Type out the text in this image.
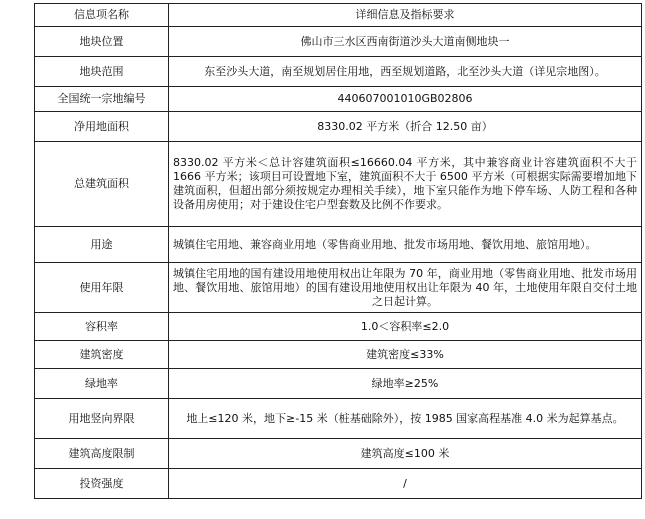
信息项名称	详细信息及指标要求
地块位置	佛山市三水区西南街道沙头大道南侧地块一
地块范围	东至沙头大道，南至规划居住用地，西至规划道路，北至沙头大道（详见宗地图）。
全国统一宗地编号	440607001010GB02806
净用地面积	8330.02 平方米（折合 12.50 亩）
总建筑面积	8330.02 平方米＜总计容建筑面积≤16660.04 平方米，其中兼容商业计容建筑面积不大于 1666 平方米；该项目可设置地下室，建筑面积不大于 6500 平方米（可根据实际需要增加地下建筑面积，但超出部分须按规定办理相关手续），地下室只能作为地下停车场、人防工程和各种设备用房使用；对于建设住宅户型套数及比例不作要求。
用途	城镇住宅用地、兼容商业用地（零售商业用地、批发市场用地、餐饮用地、旅馆用地）。
使用年限	城镇住宅用地的国有建设用地使用权出让年限为 70 年，商业用地（零售商业用地、批发市场用地、餐饮用地、旅馆用地）的国有建设用地使用权出让年限为 40 年，土地使用年限自交付土地之日起计算。
容积率	1.0＜容积率≤2.0
建筑密度	建筑密度≤33%
绿地率	绿地率≥25%
用地竖向界限	地上≤120 米，地下≥-15 米（桩基础除外），按 1985 国家高程基准 4.0 米为起算基点。
建筑高度限制	建筑高度≤100 米
投资强度	/
